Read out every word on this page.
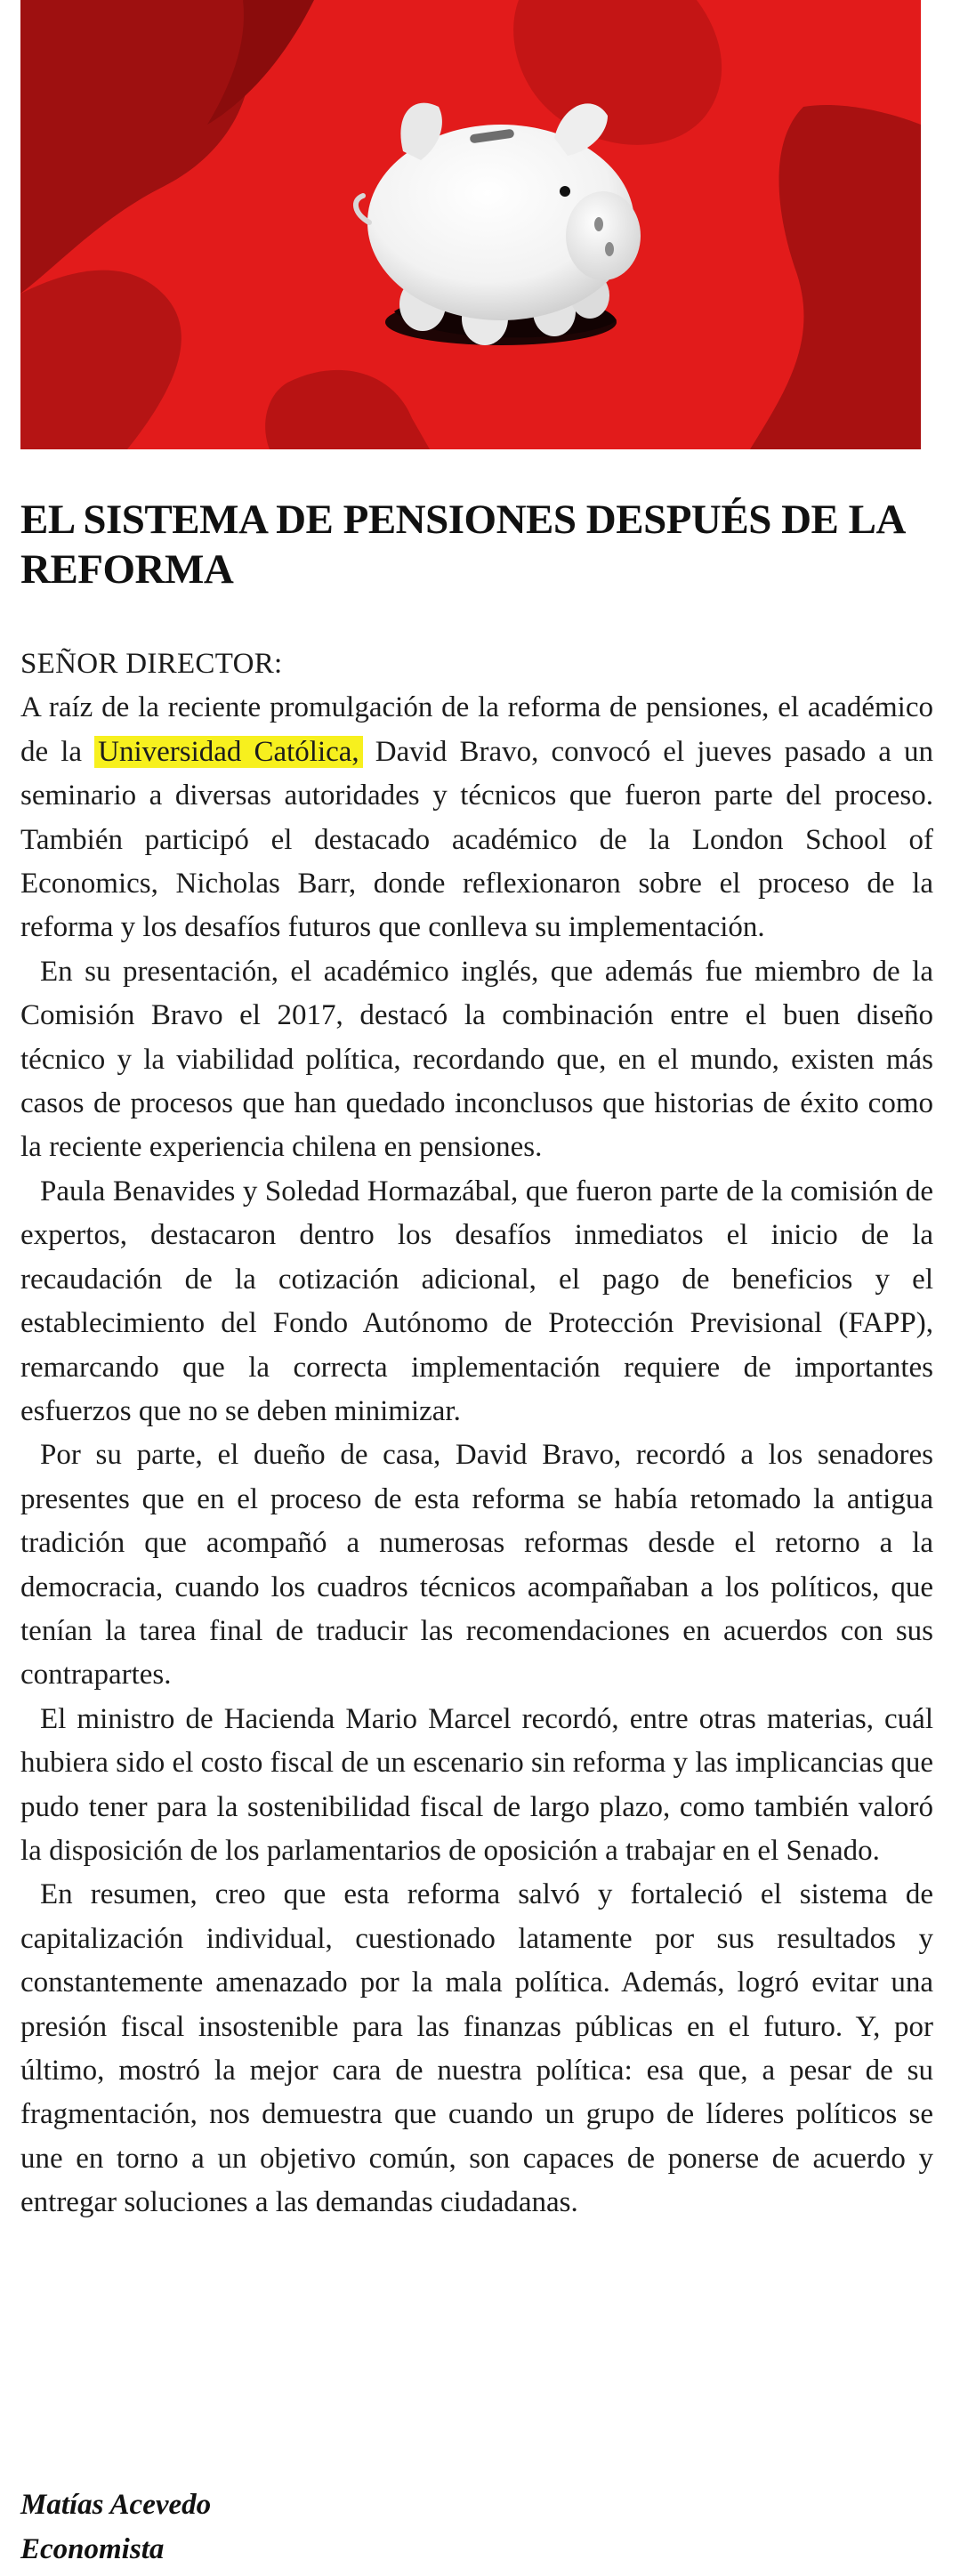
EL SISTEMA DE PENSIONES DESPUÉS DE LA REFORMA

SEÑOR DIRECTOR:

A raíz de la reciente promulgación de la reforma de pensiones, el académico de la Universidad Católica, David Bravo, convocó el jueves pasado a un seminario a diversas autoridades y técnicos que fueron parte del proceso. También participó el destacado académico de la London School of Economics, Nicholas Barr, donde reflexionaron sobre el proceso de la reforma y los desafíos futuros que conlleva su implementación.

En su presentación, el académico inglés, que además fue miembro de la Comisión Bravo el 2017, destacó la combinación entre el buen diseño técnico y la viabilidad política, recordando que, en el mundo, existen más casos de procesos que han quedado inconclusos que historias de éxito como la reciente experiencia chilena en pensiones.

Paula Benavides y Soledad Hormazábal, que fueron parte de la comisión de expertos, destacaron dentro los desafíos inmediatos el inicio de la recaudación de la cotización adicional, el pago de beneficios y el establecimiento del Fondo Autónomo de Protección Previsional (FAPP), remarcando que la correcta implementación requiere de importantes esfuerzos que no se deben minimizar.

Por su parte, el dueño de casa, David Bravo, recordó a los senadores presentes que en el proceso de esta reforma se había retomado la antigua tradición que acompañó a numerosas reformas desde el retorno a la democracia, cuando los cuadros técnicos acompañaban a los políticos, que tenían la tarea final de traducir las recomendaciones en acuerdos con sus contrapartes.

El ministro de Hacienda Mario Marcel recordó, entre otras materias, cuál hubiera sido el costo fiscal de un escenario sin reforma y las implicancias que pudo tener para la sostenibilidad fiscal de largo plazo, como también valoró la disposición de los parlamentarios de oposición a trabajar en el Senado.

En resumen, creo que esta reforma salvó y fortaleció el sistema de capitalización individual, cuestionado latamente por sus resultados y constantemente amenazado por la mala política. Además, logró evitar una presión fiscal insostenible para las finanzas públicas en el futuro. Y, por último, mostró la mejor cara de nuestra política: esa que, a pesar de su fragmentación, nos demuestra que cuando un grupo de líderes políticos se une en torno a un objetivo común, son capaces de ponerse de acuerdo y entregar soluciones a las demandas ciudadanas.

Matías Acevedo
Economista
